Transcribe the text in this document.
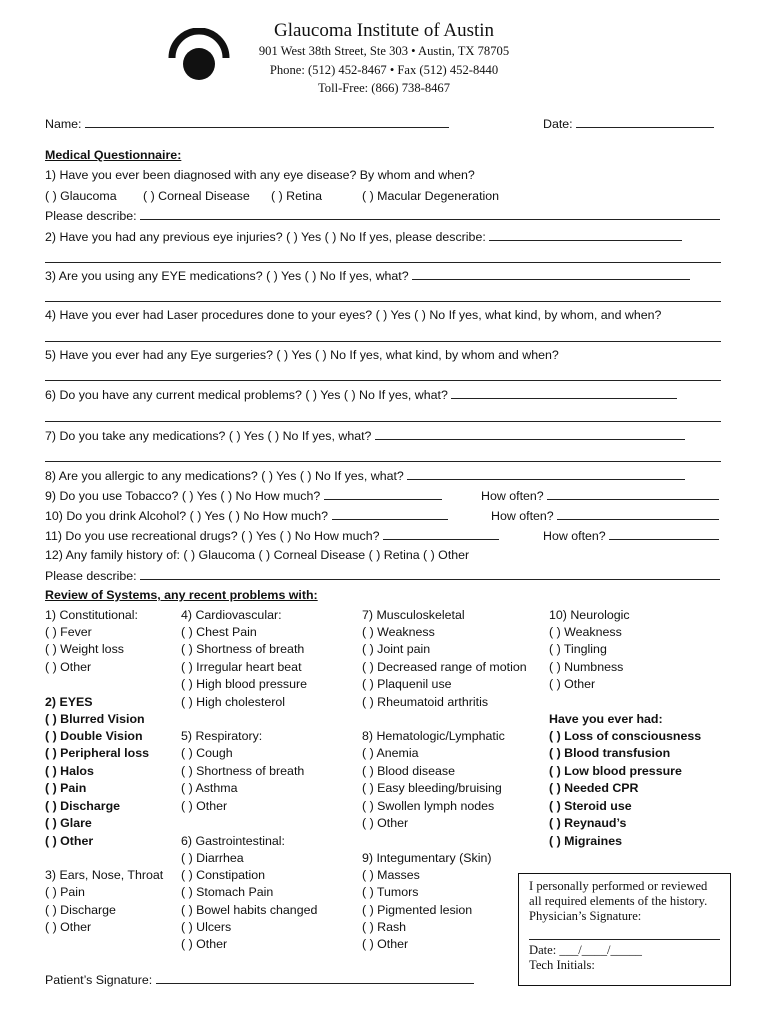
Glaucoma Institute of Austin
901 West 38th Street, Ste 303 • Austin, TX 78705
Phone: (512) 452-8467 • Fax (512) 452-8440
Toll-Free: (866) 738-8467
Name:	Date:
Medical Questionnaire:
1) Have you ever been diagnosed with any eye disease? By whom and when?
( ) Glaucoma ( ) Corneal Disease ( ) Retina	( ) Macular Degeneration
Please describe:
2) Have you had any previous eye injuries? ( ) Yes ( ) No If yes, please describe:
3) Are you using any EYE medications? ( ) Yes ( ) No If yes, what?
4) Have you ever had Laser procedures done to your eyes? ( ) Yes ( ) No If yes, what kind, by whom, and when?
5) Have you ever had any Eye surgeries? ( ) Yes ( ) No If yes, what kind, by whom and when?
6) Do you have any current medical problems? ( ) Yes ( ) No If yes, what?
7) Do you take any medications? ( ) Yes ( ) No If yes, what?
8) Are you allergic to any medications? ( ) Yes ( ) No If yes, what?
9) Do you use Tobacco? ( ) Yes ( ) No How much?	How often?
10) Do you drink Alcohol? ( ) Yes ( ) No How much?	How often?
11) Do you use recreational drugs? ( ) Yes ( ) No How much?	How often?
12) Any family history of: ( ) Glaucoma ( ) Corneal Disease ( ) Retina ( ) Other
Please describe:
Review of Systems, any recent problems with:
1) Constitutional:
( ) Fever
( ) Weight loss
( ) Other
2) EYES
( ) Blurred Vision
( ) Double Vision
( ) Peripheral loss
( ) Halos
( ) Pain
( ) Discharge
( ) Glare
( ) Other
3) Ears, Nose, Throat
( ) Pain
( ) Discharge
( ) Other
4) Cardiovascular:
( ) Chest Pain
( ) Shortness of breath
( ) Irregular heart beat
( ) High blood pressure
( ) High cholesterol
5) Respiratory:
( ) Cough
( ) Shortness of breath
( ) Asthma
( ) Other
6) Gastrointestinal:
( ) Diarrhea
( ) Constipation
( ) Stomach Pain
( ) Bowel habits changed
( ) Ulcers
( ) Other
7) Musculoskeletal
( ) Weakness
( ) Joint pain
( ) Decreased range of motion
( ) Plaquenil use
( ) Rheumatoid arthritis
8) Hematologic/Lymphatic
( ) Anemia
( ) Blood disease
( ) Easy bleeding/bruising
( ) Swollen lymph nodes
( ) Other
9) Integumentary (Skin)
( ) Masses
( ) Tumors
( ) Pigmented lesion
( ) Rash
( ) Other
10) Neurologic
( ) Weakness
( ) Tingling
( ) Numbness
( ) Other
Have you ever had:
( ) Loss of consciousness
( ) Blood transfusion
( ) Low blood pressure
( ) Needed CPR
( ) Steroid use
( ) Reynaud’s
( ) Migraines
I personally performed or reviewed
all required elements of the history.
Physician’s Signature:
Date: ___/____/_____
Tech Initials:
Patient’s Signature:
